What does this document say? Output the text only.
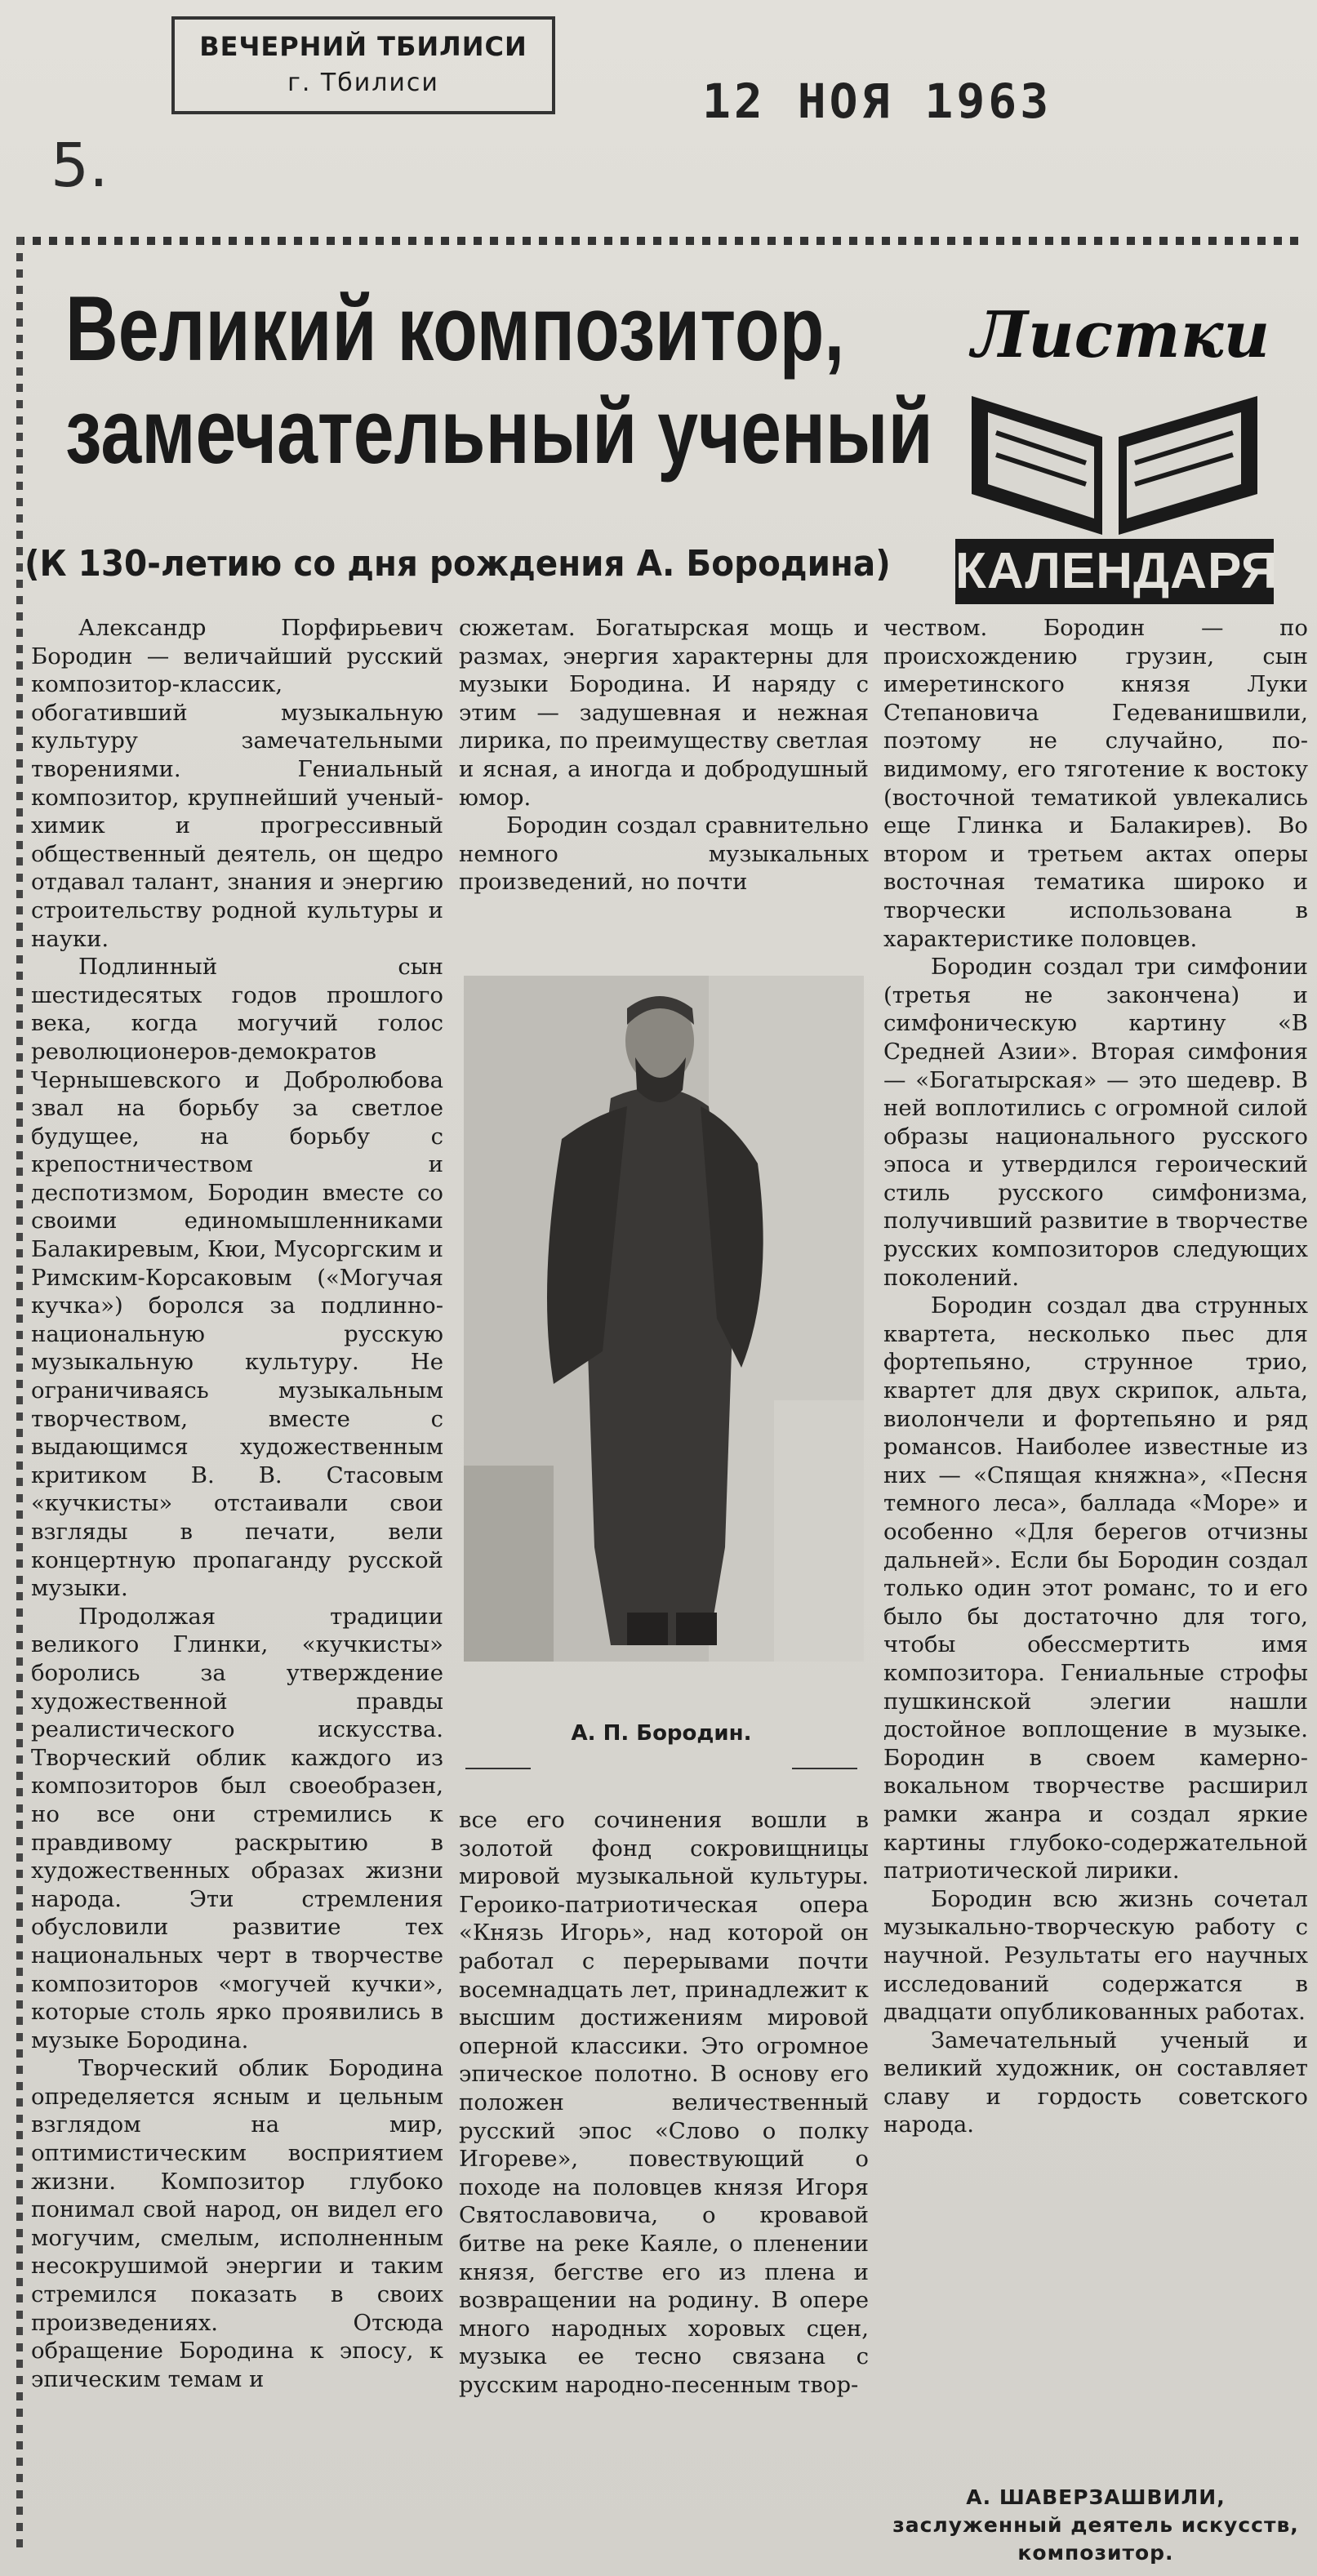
ВЕЧЕРНИЙ ТБИЛИСИ
г. Тбилиси	12 НОЯ 1963
5.
Великий композитор,
замечательный ученый
Листки
КАЛЕНДАРЯ
(К 130-летию со дня рождения А. Бородина)

Александр Порфирьевич Бородин — величайший русский композитор-классик, обогативший музыкальную культуру замечательными творениями. Гениальный композитор, крупнейший ученый-химик и прогрессивный общественный деятель, он щедро отдавал талант, знания и энергию строительству родной культуры и науки.

Подлинный сын шестидесятых годов прошлого века, когда могучий голос революционеров-демократов Чернышевского и Добролюбова звал на борьбу за светлое будущее, на борьбу с крепостничеством и деспотизмом, Бородин вместе со своими единомышленниками Балакиревым, Кюи, Мусоргским и Римским-Корсаковым («Могучая кучка») боролся за подлинно-национальную русскую музыкальную культуру. Не ограничиваясь музыкальным творчеством, вместе с выдающимся художественным критиком В. В. Стасовым «кучкисты» отстаивали свои взгляды в печати, вели концертную пропаганду русской музыки.

Продолжая традиции великого Глинки, «кучкисты» боролись за утверждение художественной правды реалистического искусства. Творческий облик каждого из композиторов был своеобразен, но все они стремились к правдивому раскрытию в художественных образах жизни народа. Эти стремления обусловили развитие тех национальных черт в творчестве композиторов «могучей кучки», которые столь ярко проявились в музыке Бородина.

Творческий облик Бородина определяется ясным и цельным взглядом на мир, оптимистическим восприятием жизни. Композитор глубоко понимал свой народ, он видел его могучим, смелым, исполненным несокрушимой энергии и таким стремился показать в своих произведениях. Отсюда обращение Бородина к эпосу, к эпическим темам и

сюжетам. Богатырская мощь и размах, энергия характерны для музыки Бородина. И наряду с этим — задушевная и нежная лирика, по преимуществу светлая и ясная, а иногда и добродушный юмор.

Бородин создал сравнительно немного музыкальных произведений, но почти

А. П. Бородин.

все его сочинения вошли в золотой фонд сокровищницы мировой музыкальной культуры. Героико-патриотическая опера «Князь Игорь», над которой он работал с перерывами почти восемнадцать лет, принадлежит к высшим достижениям мировой оперной классики. Это огромное эпическое полотно. В основу его положен величественный русский эпос «Слово о полку Игореве», повествующий о походе на половцев князя Игоря Святославовича, о кровавой битве на реке Каяле, о пленении князя, бегстве его из плена и возвращении на родину. В опере много народных хоровых сцен, музыка ее тесно связана с русским народно-песенным твор-

чеством. Бородин — по происхождению грузин, сын имеретинского князя Луки Степановича Гедеванишвили, поэтому не случайно, по-видимому, его тяготение к востоку (восточной тематикой увлекались еще Глинка и Балакирев). Во втором и третьем актах оперы восточная тематика широко и творчески использована в характеристике половцев.

Бородин создал три симфонии (третья не закончена) и симфоническую картину «В Средней Азии». Вторая симфония — «Богатырская» — это шедевр. В ней воплотились с огромной силой образы национального русского эпоса и утвердился героический стиль русского симфонизма, получивший развитие в творчестве русских композиторов следующих поколений.

Бородин создал два струнных квартета, несколько пьес для фортепьяно, струнное трио, квартет для двух скрипок, альта, виолончели и фортепьяно и ряд романсов. Наиболее известные из них — «Спящая княжна», «Песня темного леса», баллада «Море» и особенно «Для берегов отчизны дальней». Если бы Бородин создал только один этот романс, то и его было бы достаточно для того, чтобы обессмертить имя композитора. Гениальные строфы пушкинской элегии нашли достойное воплощение в музыке. Бородин в своем камерно-вокальном творчестве расширил рамки жанра и создал яркие картины глубоко-содержательной патриотической лирики.

Бородин всю жизнь сочетал музыкально-творческую работу с научной. Результаты его научных исследований содержатся в двадцати опубликованных работах.

Замечательный ученый и великий художник, он составляет славу и гордость советского народа.

А. ШАВЕРЗАШВИЛИ,
заслуженный деятель искусств, композитор.
